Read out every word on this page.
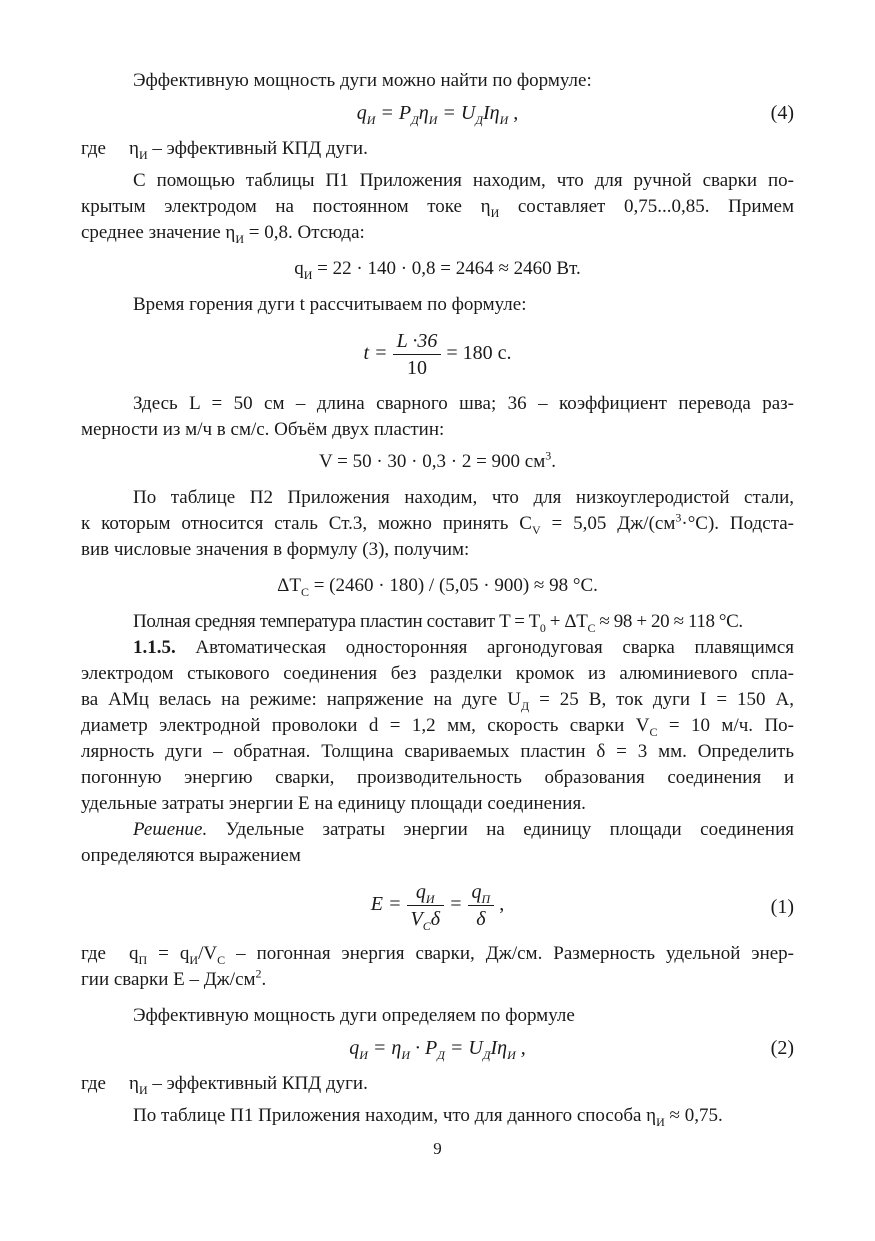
Эффективную мощность дуги можно найти по формуле:

$q_И = P_Д\eta_И = U_ДI\eta_И$ ,	(4)

где $\eta_И$ – эффективный КПД дуги.

С помощью таблицы П1 Приложения находим, что для ручной сварки по-

крытым электродом на постоянном токе $\eta_И$ составляет 0,75...0,85. Примем

среднее значение $\eta_И = 0,8$. Отсюда:

$q_И = 22 \cdot 140 \cdot 0,8 = 2464 \approx 2460$ Вт.

Время горения дуги t рассчитываем по формуле:

$t = \frac{L \cdot 36}{10} = 180$ с.

Здесь L = 50 см – длина сварного шва; 36 – коэффициент перевода раз-

мерности из м/ч в см/с. Объём двух пластин:

V = 50 · 30 · 0,3 · 2 = 900 $см^3$.

По таблице П2 Приложения находим, что для низкоуглеродистой стали,

к которым относится сталь Ст.3, можно принять $C_V = 5,05$ $Дж/(см^3\cdot^\circ С)$. Подста-

вив числовые значения в формулу (3), получим:

$\Delta T_С = (2460 \cdot 180) / (5,05 \cdot 900) \approx 98$ °С.

Полная средняя температура пластин составит $T = T_0 + \Delta T_С \approx 98 + 20 \approx 118$ °С.

1.1.5. Автоматическая односторонняя аргонодуговая сварка плавящимся

электродом стыкового соединения без разделки кромок из алюминиевого спла-

ва АМц велась на режиме: напряжение на дуге $U_Д = 25$ В, ток дуги I = 150 А,

диаметр электродной проволоки d = 1,2 мм, скорость сварки $V_С = 10$ м/ч. По-

лярность дуги – обратная. Толщина свариваемых пластин δ = 3 мм. Определить

погонную энергию сварки, производительность образования соединения и

удельные затраты энергии E на единицу площади соединения.

Решение. Удельные затраты энергии на единицу площади соединения

определяются выражением

$E = \frac{q_И}{V_C\delta} = \frac{q_П}{\delta}$ ,	(1)

где $q_П = q_И/V_С$ – погонная энергия сварки, Дж/см. Размерность удельной энер-

гии сварки E – $Дж/см^2$.

Эффективную мощность дуги определяем по формуле

$q_И = \eta_И \cdot P_Д = U_ДI\eta_И$ ,	(2)

где $\eta_И$ – эффективный КПД дуги.

По таблице П1 Приложения находим, что для данного способа $\eta_И \approx 0,75$.

9
